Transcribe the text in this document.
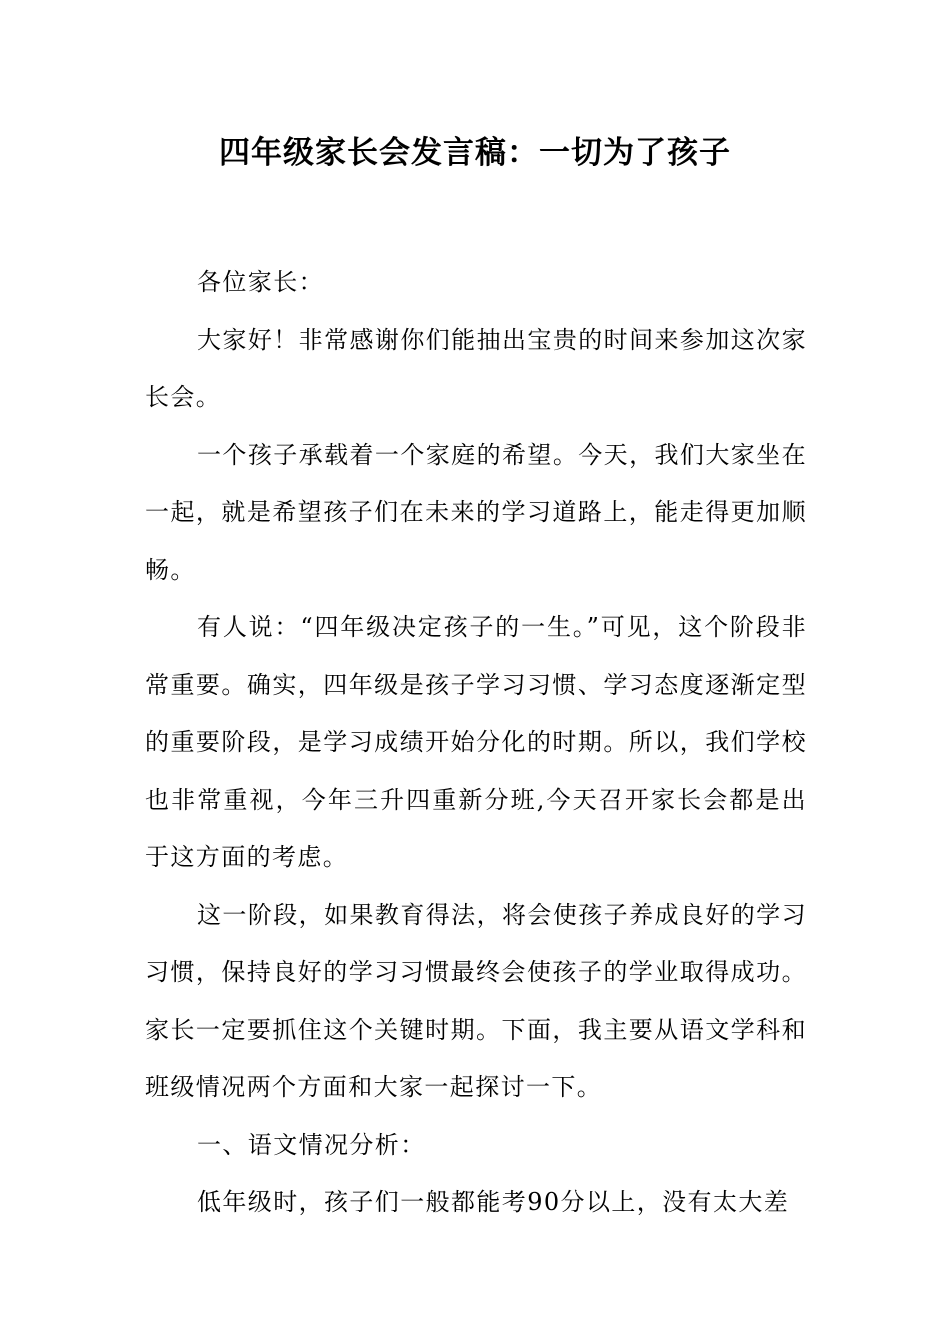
四年级家长会发言稿：一切为了孩子

各位家长：

大家好！非常感谢你们能抽出宝贵的时间来参加这次家长会。

一个孩子承载着一个家庭的希望。今天，我们大家坐在一起，就是希望孩子们在未来的学习道路上，能走得更加顺畅。

有人说：“四年级决定孩子的一生。”可见，这个阶段非常重要。确实，四年级是孩子学习习惯、学习态度逐渐定型的重要阶段，是学习成绩开始分化的时期。所以，我们学校也非常重视，今年三升四重新分班,今天召开家长会都是出于这方面的考虑。

这一阶段，如果教育得法，将会使孩子养成良好的学习习惯，保持良好的学习习惯最终会使孩子的学业取得成功。家长一定要抓住这个关键时期。下面，我主要从语文学科和班级情况两个方面和大家一起探讨一下。

一、语文情况分析：

低年级时，孩子们一般都能考90分以上，没有太大差
